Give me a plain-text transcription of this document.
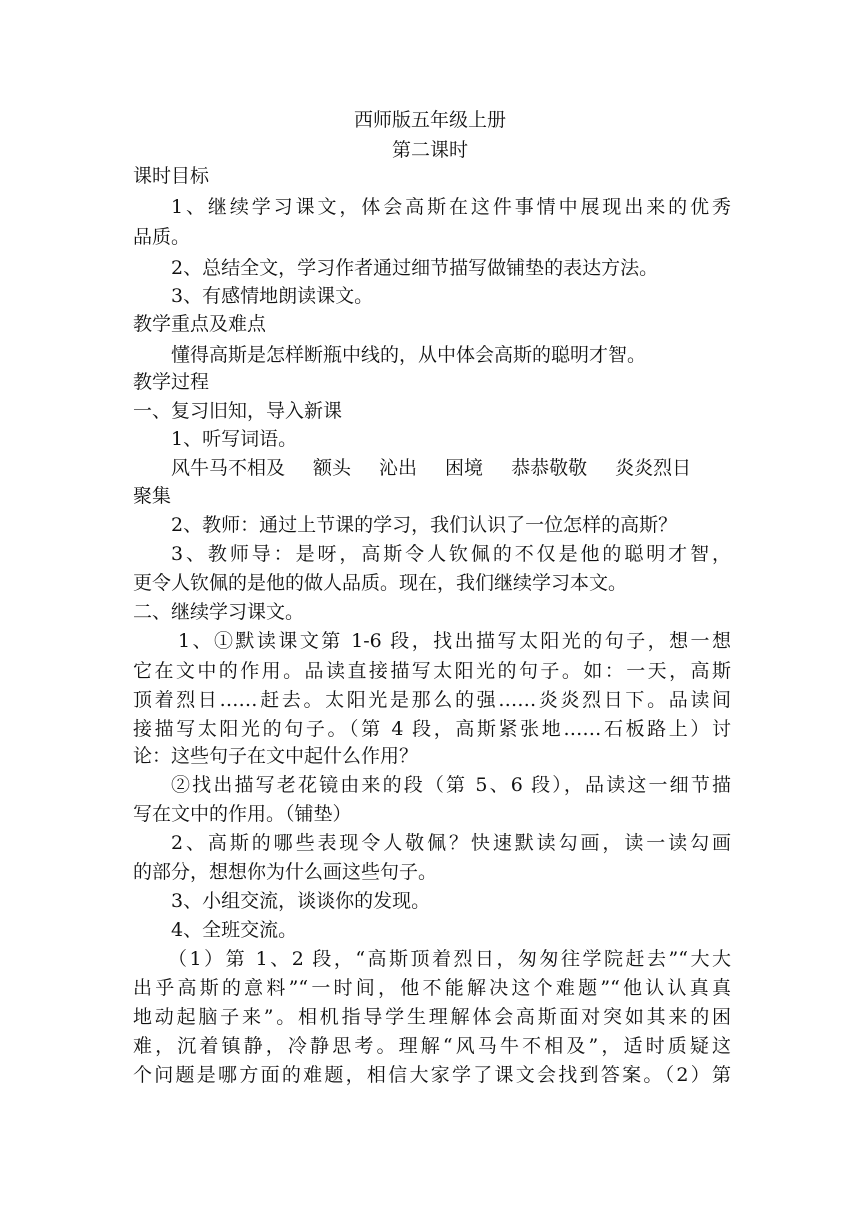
西师版五年级上册
第二课时
课时目标
1、继续学习课文，体会高斯在这件事情中展现出来的优秀
品质。
2、总结全文，学习作者通过细节描写做铺垫的表达方法。
3、有感情地朗读课文。
教学重点及难点
懂得高斯是怎样断瓶中线的，从中体会高斯的聪明才智。
教学过程
一、复习旧知，导入新课
1、听写词语。
风牛马不相及 额头 沁出 困境 恭恭敬敬 炎炎烈日
聚集
2、教师：通过上节课的学习，我们认识了一位怎样的高斯？
3、教师导：是呀，高斯令人钦佩的不仅是他的聪明才智，
更令人钦佩的是他的做人品质。现在，我们继续学习本文。
二、继续学习课文。
1、①默读课文第 1-6 段，找出描写太阳光的句子，想一想
它在文中的作用。品读直接描写太阳光的句子。如：一天，高斯
顶着烈日……赶去。太阳光是那么的强……炎炎烈日下。品读间
接描写太阳光的句子。（第 4 段，高斯紧张地……石板路上）讨
论：这些句子在文中起什么作用？
②找出描写老花镜由来的段（第 5、6 段），品读这一细节描
写在文中的作用。（铺垫）
2、高斯的哪些表现令人敬佩？快速默读勾画，读一读勾画
的部分，想想你为什么画这些句子。
3、小组交流，谈谈你的发现。
4、全班交流。
（1）第 1、2 段，“高斯顶着烈日，匆匆往学院赶去”“大大
出乎高斯的意料”“一时间，他不能解决这个难题”“他认认真真
地动起脑子来”。相机指导学生理解体会高斯面对突如其来的困
难，沉着镇静，冷静思考。理解“风马牛不相及”，适时质疑这
个问题是哪方面的难题，相信大家学了课文会找到答案。（2）第
